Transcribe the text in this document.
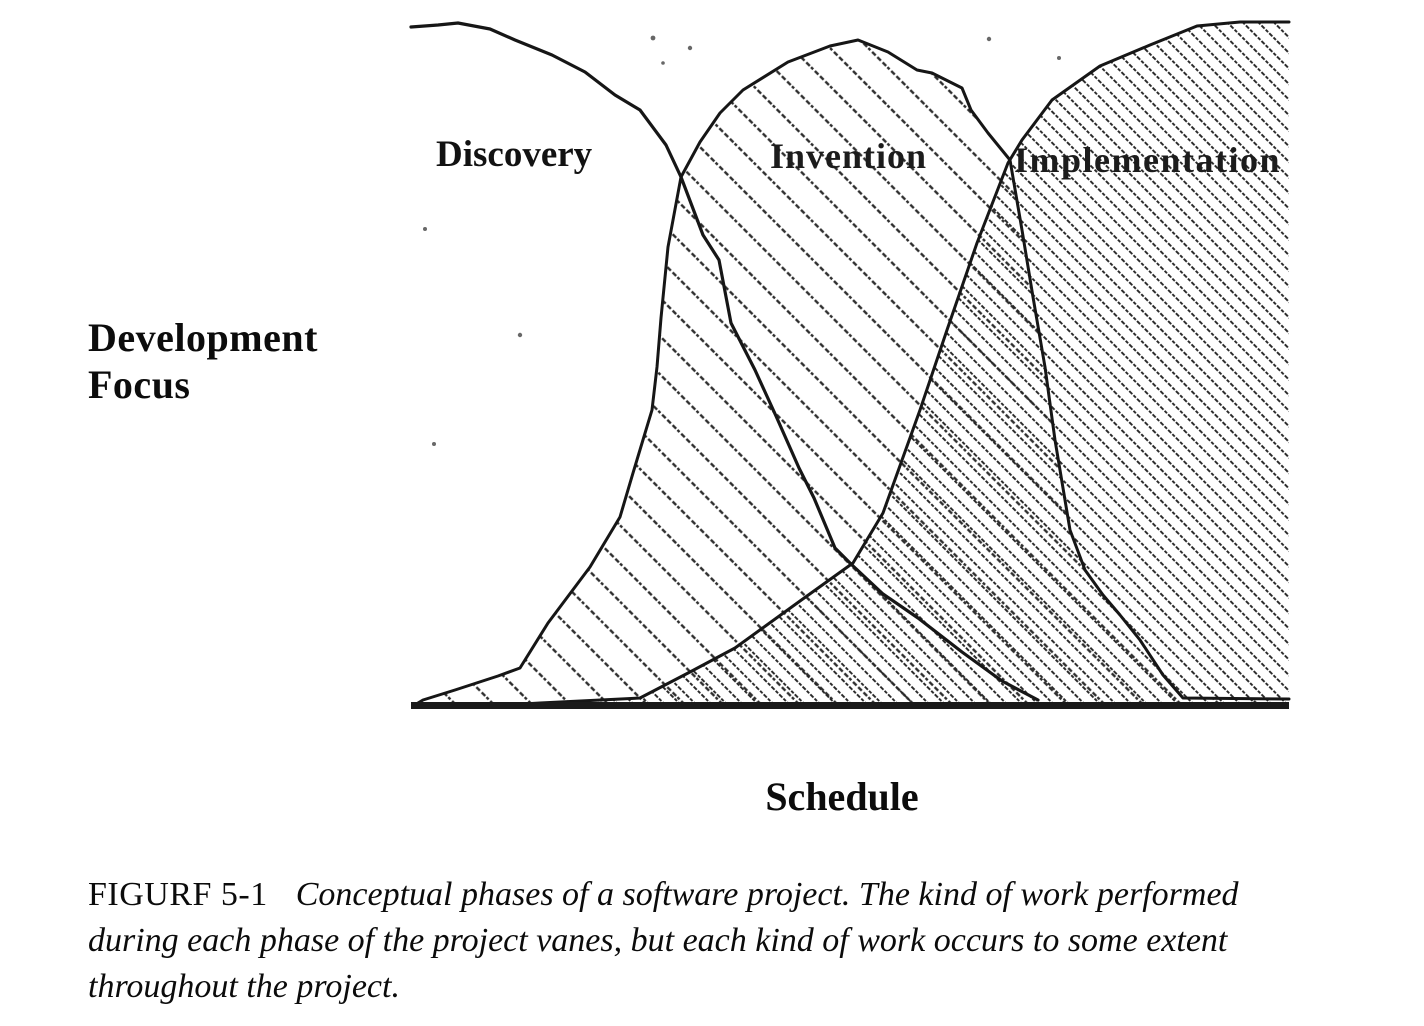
Development
Focus
Discovery	Invention Implementation
Schedule
FIGURF 5-1 Conceptual phases of a software project. The kind of work performed
during each phase of the project vanes, but each kind of work occurs to some extent
throughout the project.
